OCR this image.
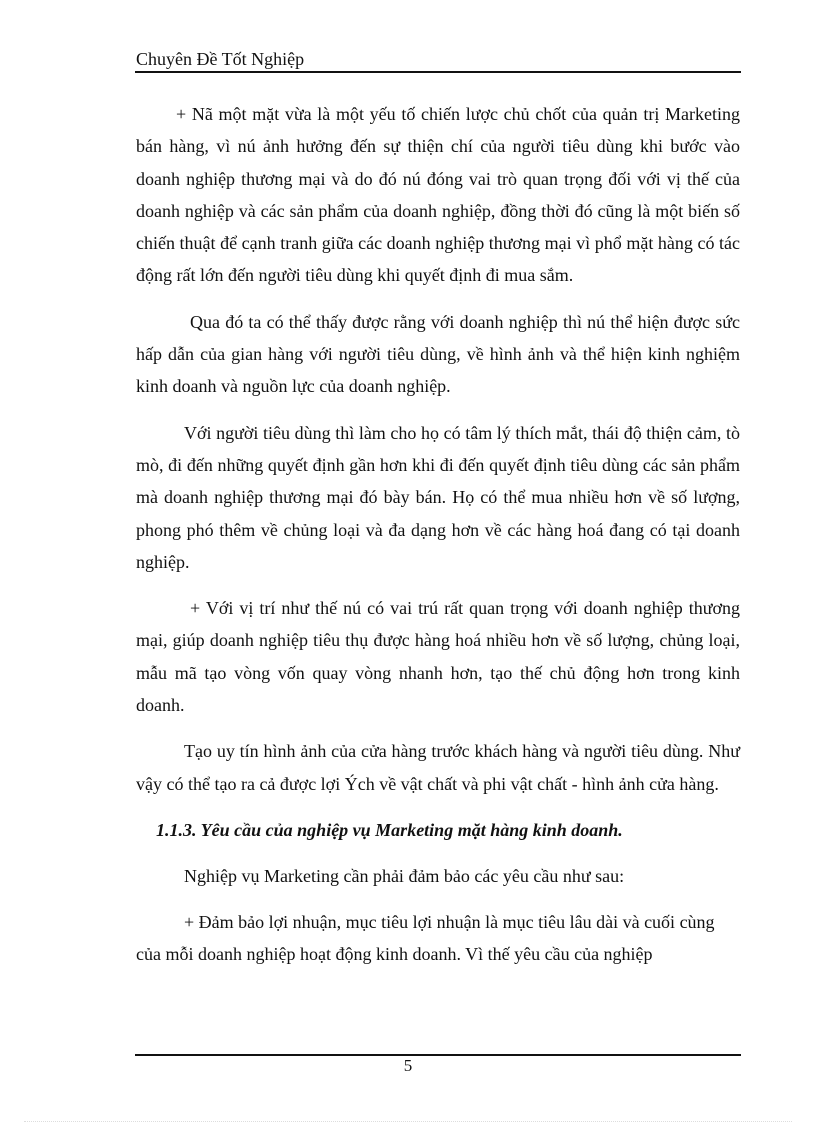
Chuyên Đề Tốt Nghiệp

+ Nã một mặt vừa là một yếu tố chiến lược chủ chốt của quản trị Marketing bán hàng, vì nú ảnh hưởng đến sự thiện chí của người tiêu dùng khi bước vào doanh nghiệp thương mại và do đó nú đóng vai trò quan trọng đối với vị thế của doanh nghiệp và các sản phẩm của doanh nghiệp, đồng thời đó cũng là một biến số chiến thuật để cạnh tranh giữa các doanh nghiệp thương mại vì phổ mặt hàng có tác động rất lớn đến người tiêu dùng khi quyết định đi mua sắm.

Qua đó ta có thể thấy được rằng với doanh nghiệp thì nú thể hiện được sức hấp dẫn của gian hàng với người tiêu dùng, về hình ảnh và thể hiện kinh nghiệm kinh doanh và nguồn lực của doanh nghiệp.

Với người tiêu dùng thì làm cho họ có tâm lý thích mắt, thái độ thiện cảm, tò mò, đi đến những quyết định gần hơn khi đi đến quyết định tiêu dùng các sản phẩm mà doanh nghiệp thương mại đó bày bán. Họ có thể mua nhiều hơn về số lượng, phong phó thêm về chủng loại và đa dạng hơn về các hàng hoá đang có tại doanh nghiệp.

+ Với vị trí như thế nú có vai trú rất quan trọng với doanh nghiệp thương mại, giúp doanh nghiệp tiêu thụ được hàng hoá nhiều hơn về số lượng, chủng loại, mẫu mã tạo vòng vốn quay vòng nhanh hơn, tạo thế chủ động hơn trong kinh doanh.

Tạo uy tín hình ảnh của cửa hàng trước khách hàng và người tiêu dùng. Như vậy có thể tạo ra cả được lợi Ých về vật chất và phi vật chất - hình ảnh cửa hàng.

1.1.3. Yêu cầu của nghiệp vụ Marketing mặt hàng kinh doanh.

Nghiệp vụ Marketing cần phải đảm bảo các yêu cầu như sau:

+ Đảm bảo lợi nhuận, mục tiêu lợi nhuận là mục tiêu lâu dài và cuối cùng của mỗi doanh nghiệp hoạt động kinh doanh. Vì thế yêu cầu của nghiệp

5
